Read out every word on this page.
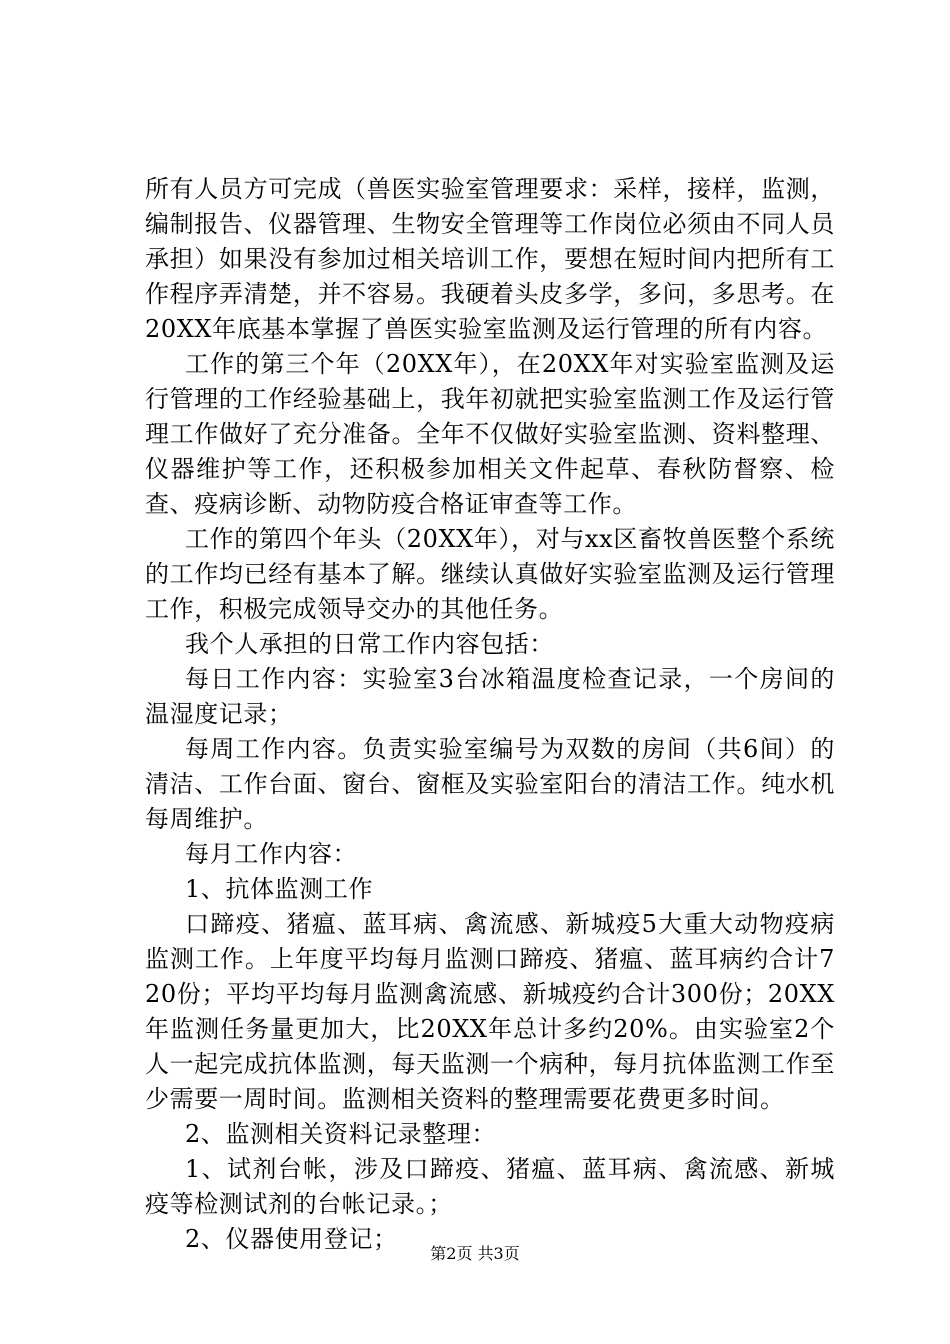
所有人员方可完成（兽医实验室管理要求：采样，接样，监测，编制报告、仪器管理、生物安全管理等工作岗位必须由不同人员承担）如果没有参加过相关培训工作，要想在短时间内把所有工作程序弄清楚，并不容易。我硬着头皮多学，多问，多思考。在20XX年底基本掌握了兽医实验室监测及运行管理的所有内容。

工作的第三个年（20XX年），在20XX年对实验室监测及运行管理的工作经验基础上，我年初就把实验室监测工作及运行管理工作做好了充分准备。全年不仅做好实验室监测、资料整理、仪器维护等工作，还积极参加相关文件起草、春秋防督察、检查、疫病诊断、动物防疫合格证审查等工作。

工作的第四个年头（20XX年），对与xx区畜牧兽医整个系统的工作均已经有基本了解。继续认真做好实验室监测及运行管理工作，积极完成领导交办的其他任务。

我个人承担的日常工作内容包括：

每日工作内容：实验室3台冰箱温度检查记录，一个房间的温湿度记录；

每周工作内容。负责实验室编号为双数的房间（共6间）的清洁、工作台面、窗台、窗框及实验室阳台的清洁工作。纯水机每周维护。

每月工作内容：

1、抗体监测工作

口蹄疫、猪瘟、蓝耳病、禽流感、新城疫5大重大动物疫病监测工作。上年度平均每月监测口蹄疫、猪瘟、蓝耳病约合计720份；平均平均每月监测禽流感、新城疫约合计300份；20XX年监测任务量更加大，比20XX年总计多约20%。由实验室2个人一起完成抗体监测，每天监测一个病种，每月抗体监测工作至少需要一周时间。监测相关资料的整理需要花费更多时间。

2、监测相关资料记录整理：

1、试剂台帐，涉及口蹄疫、猪瘟、蓝耳病、禽流感、新城疫等检测试剂的台帐记录。；

2、仪器使用登记；

第2页 共3页
